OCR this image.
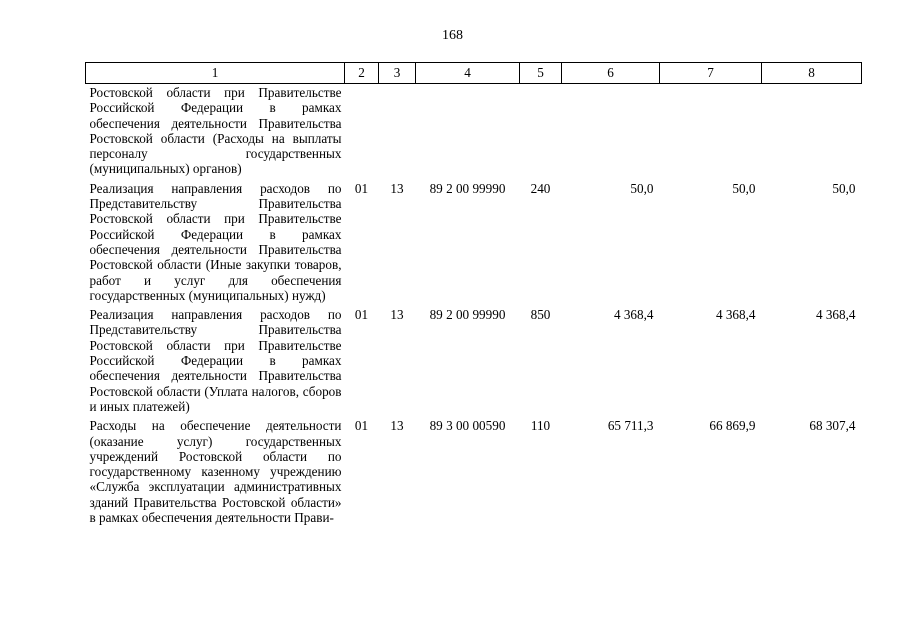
168
1	2	3	4	5	6	7	8
Ростовской области при Правительстве Российской Федерации в рамках обеспечения деятельности Правительства Ростовской области (Расходы на выплаты персоналу государственных (муниципальных) органов)							
Реализация направления расходов по Представительству Правительства Ростовской области при Правительстве Российской Федерации в рамках обеспечения деятельности Правительства Ростовской области (Иные закупки товаров, работ и услуг для обеспечения государственных (муниципальных) нужд)	01	13	89 2 00 99990	240	50,0	50,0	50,0
Реализация направления расходов по Представительству Правительства Ростовской области при Правительстве Российской Федерации в рамках обеспечения деятельности Правительства Ростовской области (Уплата налогов, сборов и иных платежей)	01	13	89 2 00 99990	850	4 368,4	4 368,4	4 368,4
Расходы на обеспечение деятельности (оказание услуг) государственных учреждений Ростовской области по государственному казенному учреждению «Служба эксплуатации административных зданий Правительства Ростовской области» в рамках обеспечения деятельности Прави-	01	13	89 3 00 00590	110	65 711,3	66 869,9	68 307,4
